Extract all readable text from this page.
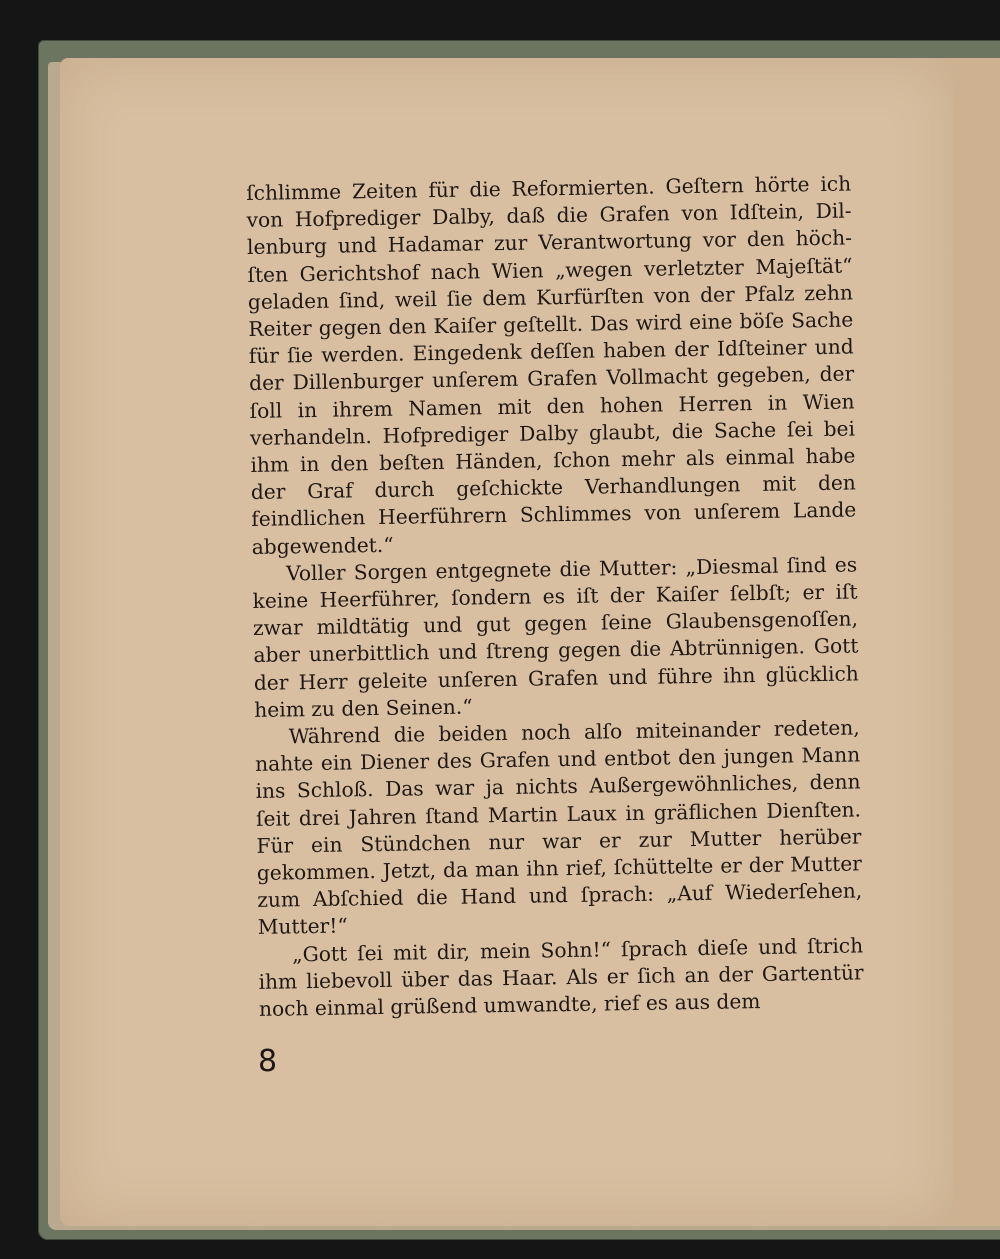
ſchlimme Zeiten für die Reformierten. Geſtern hörte ich von Hofprediger Dalby, daß die Grafen von Idſtein, Dillenburg und Hadamar zur Verantwortung vor den höchſten Gerichtshof nach Wien „wegen verletzter Majeſtät“ geladen ſind, weil ſie dem Kurfürſten von der Pfalz zehn Reiter gegen den Kaiſer geſtellt. Das wird eine böſe Sache für ſie werden. Eingedenk deſſen haben der Idſteiner und der Dillenburger unſerem Grafen Vollmacht gegeben, der ſoll in ihrem Namen mit den hohen Herren in Wien verhandeln. Hofprediger Dalby glaubt, die Sache ſei bei ihm in den beſten Händen, ſchon mehr als einmal habe der Graf durch geſchickte Verhandlungen mit den feindlichen Heerführern Schlimmes von unſerem Lande abgewendet.“

Voller Sorgen entgegnete die Mutter: „Diesmal ſind es keine Heerführer, ſondern es iſt der Kaiſer ſelbſt; er iſt zwar mildtätig und gut gegen ſeine Glaubensgenoſſen, aber unerbittlich und ſtreng gegen die Abtrünnigen. Gott der Herr geleite unſeren Grafen und führe ihn glücklich heim zu den Seinen.“

Während die beiden noch alſo miteinander redeten, nahte ein Diener des Grafen und entbot den jungen Mann ins Schloß. Das war ja nichts Außergewöhnliches, denn ſeit drei Jahren ſtand Martin Laux in gräflichen Dienſten. Für ein Stündchen nur war er zur Mutter herüber gekommen. Jetzt, da man ihn rief, ſchüttelte er der Mutter zum Abſchied die Hand und ſprach: „Auf Wiederſehen, Mutter!“

„Gott ſei mit dir, mein Sohn!“ ſprach dieſe und ſtrich ihm liebevoll über das Haar. Als er ſich an der Gartentür noch einmal grüßend umwandte, rief es aus dem

8
